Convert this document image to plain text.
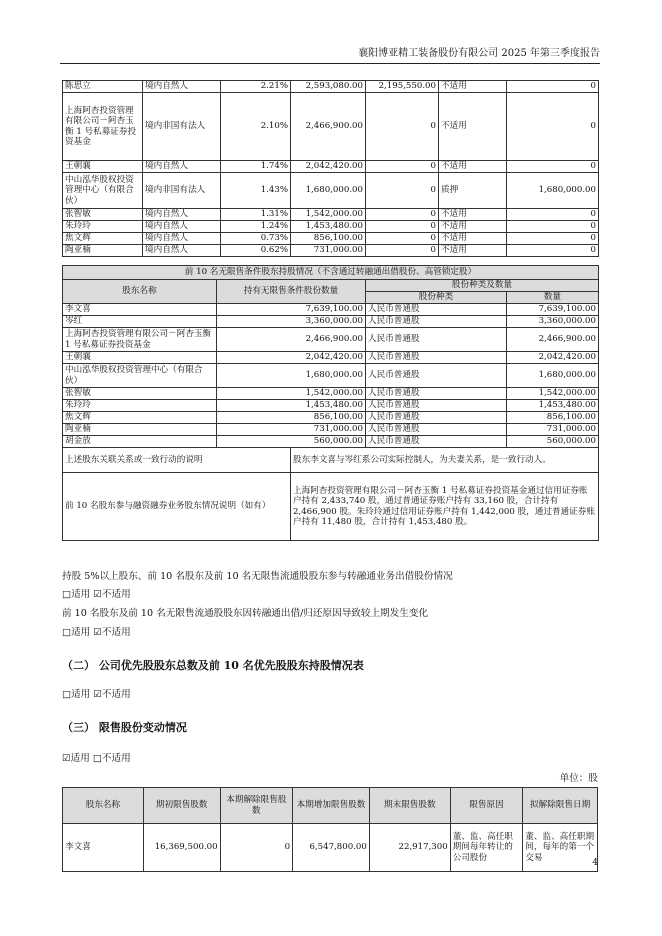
襄阳博亚精工装备股份有限公司 2025 年第三季度报告
陈思立	境内自然人	2.21%	2,593,080.00	2,195,550.00	不适用	0
上海阿杏投资管理有限公司－阿杏玉衡 1 号私募证券投资基金	境内非国有法人	2.10%	2,466,900.00	0	不适用	0
王朝襄	境内自然人	1.74%	2,042,420.00	0	不适用	0
中山泓华股权投资管理中心（有限合伙）	境内非国有法人	1.43%	1,680,000.00	0	质押	1,680,000.00
张智敏	境内自然人	1.31%	1,542,000.00	0	不适用	0
朱玲玲	境内自然人	1.24%	1,453,480.00	0	不适用	0
焦文辉	境内自然人	0.73%	856,100.00	0	不适用	0
陶亚楠	境内自然人	0.62%	731,000.00	0	不适用	0
前 10 名无限售条件股东持股情况（不含通过转融通出借股份、高管锁定股）				
股东名称	持有无限售条件股份数量		股份种类及数量	
			股份种类	数量
李文喜	7,639,100.00		人民币普通股	7,639,100.00
岑红	3,360,000.00		人民币普通股	3,360,000.00
上海阿杏投资管理有限公司－阿杏玉衡 1 号私募证券投资基金	2,466,900.00		人民币普通股	2,466,900.00
王朝襄	2,042,420.00		人民币普通股	2,042,420.00
中山泓华股权投资管理中心（有限合伙）	1,680,000.00		人民币普通股	1,680,000.00
张智敏	1,542,000.00		人民币普通股	1,542,000.00
朱玲玲	1,453,480.00		人民币普通股	1,453,480.00
焦文辉	856,100.00		人民币普通股	856,100.00
陶亚楠	731,000.00		人民币普通股	731,000.00
胡金放	560,000.00		人民币普通股	560,000.00
上述股东关联关系或一致行动的说明		股东李文喜与岑红系公司实际控制人，为夫妻关系，是一致行动人。		
前 10 名股东参与融资融券业务股东情况说明（如有）		上海阿杏投资管理有限公司－阿杏玉衡 1 号私募证券投资基金通过信用证券账户持有 2,433,740 股，通过普通证券账户持有 33,160 股，合计持有 2,466,900 股。朱玲玲通过信用证券账户持有 1,442,000 股，通过普通证券账户持有 11,480 股，合计持有 1,453,480 股。		
持股 5%以上股东、前 10 名股东及前 10 名无限售流通股股东参与转融通业务出借股份情况
□适用 ☑不适用
前 10 名股东及前 10 名无限售流通股股东因转融通出借/归还原因导致较上期发生变化
□适用 ☑不适用
（二） 公司优先股股东总数及前 10 名优先股股东持股情况表
□适用 ☑不适用
（三） 限售股份变动情况
☑适用 □不适用
单位：股
股东名称	期初限售股数	本期解除限售股数	本期增加限售股数	期末限售股数	限售原因	拟解除限售日期
李文喜	16,369,500.00	0	6,547,800.00	22,917,300	董、监、高任职期间每年转让的公司股份	董、监、高任职期间，每年的第一个交易
4
